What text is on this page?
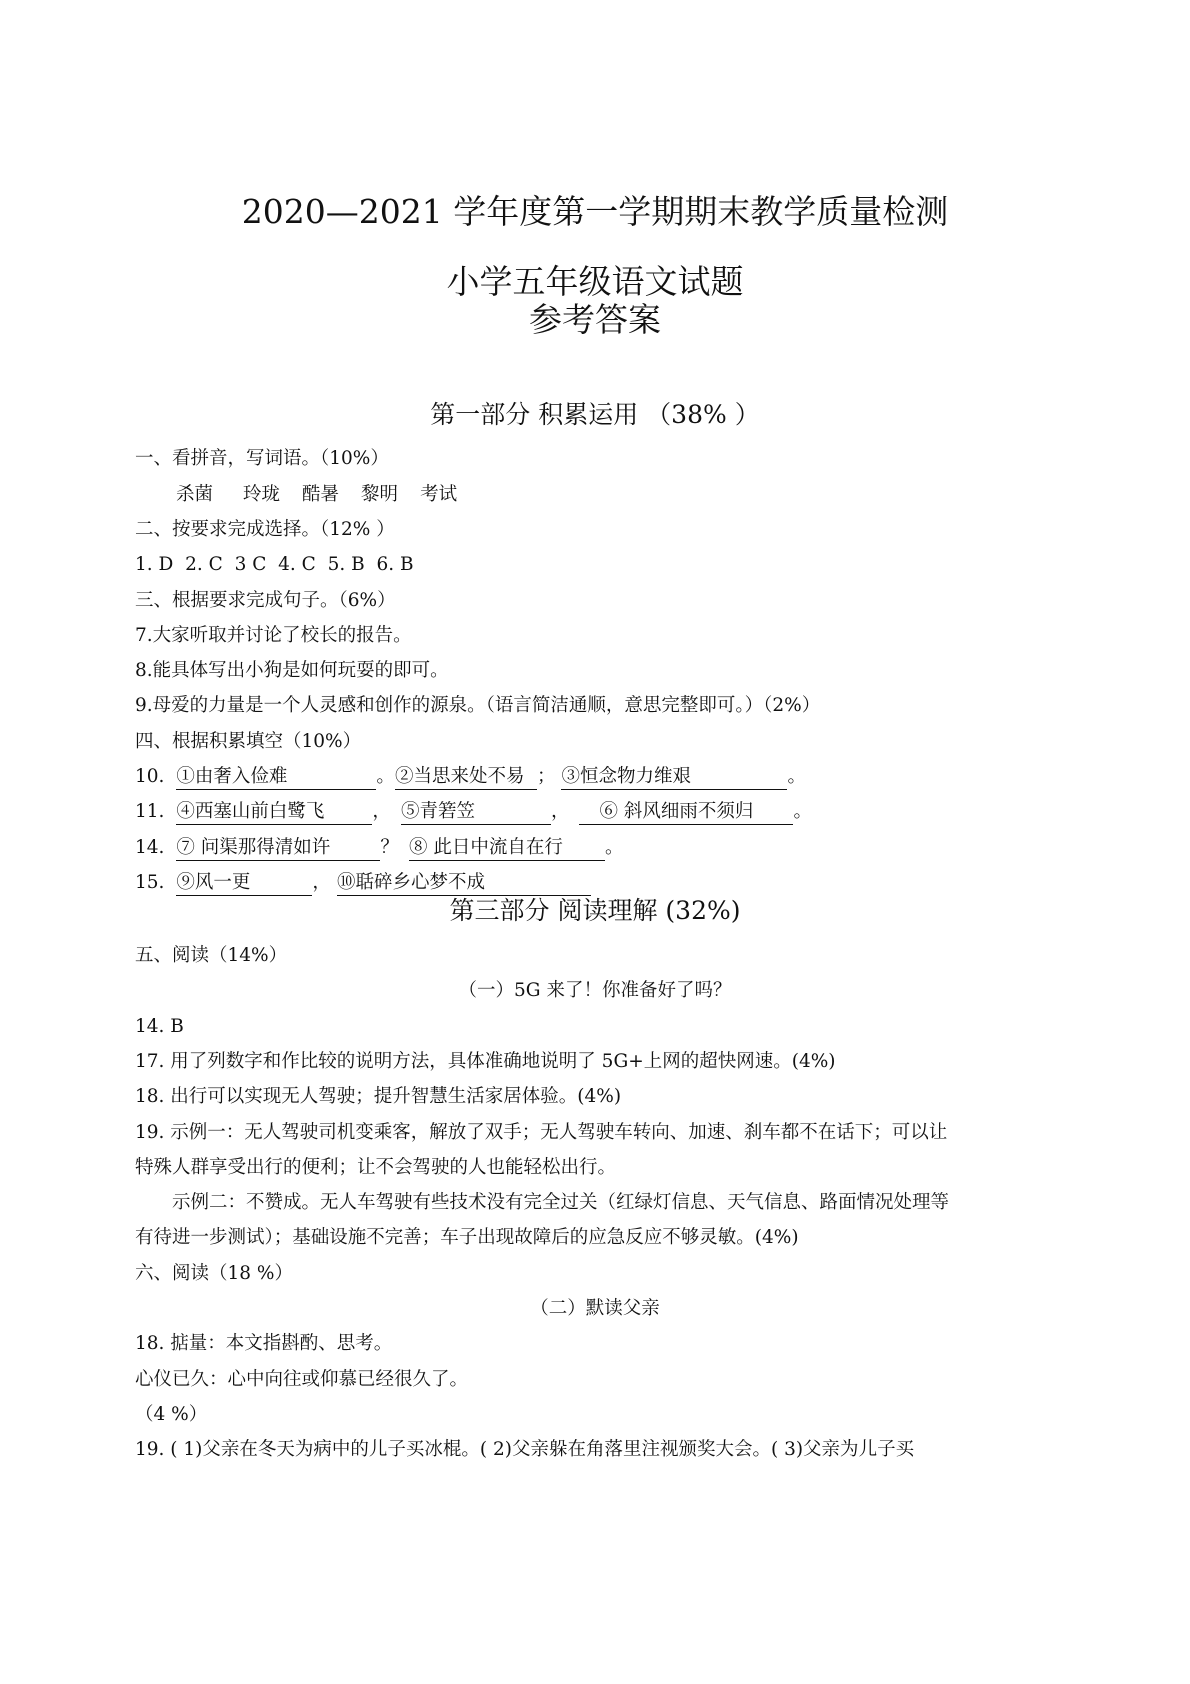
2020—2021 学年度第一学期期末教学质量检测
小学五年级语文试题
参考答案
第一部分 积累运用 （38% ）
一、看拼音，写词语。（10%）
杀菌 玲珑 酷暑 黎明 考试
二、按要求完成选择。（12% ）
1. D  2. C  3 C  4. C  5. B  6. B
三、根据要求完成句子。（6%）
7.大家听取并讨论了校长的报告。
8.能具体写出小狗是如何玩耍的即可。
9.母爱的力量是一个人灵感和创作的源泉。（语言简洁通顺，意思完整即可。）（2%）
四、根据积累填空（10%）
10. ①由奢入俭难	。②当思来处不易 ； ③恒念物力维艰	。
11. ④西塞山前白鹭飞	， ⑤青箬笠	， ⑥ 斜风细雨不须归 。
14. ⑦ 问渠那得清如许	？ ⑧ 此日中流自在行 。
15. ⑨风一更	， ⑩聒碎乡心梦不成
第三部分 阅读理解 (32%)
五、阅读（14%）
（一）5G 来了！你准备好了吗？
14. B
17. 用了列数字和作比较的说明方法，具体准确地说明了 5G+上网的超快网速。(4%)
18. 出行可以实现无人驾驶；提升智慧生活家居体验。(4%)
19. 示例一：无人驾驶司机变乘客，解放了双手；无人驾驶车转向、加速、刹车都不在话下；可以让
特殊人群享受出行的便利；让不会驾驶的人也能轻松出行。
示例二：不赞成。无人车驾驶有些技术没有完全过关（红绿灯信息、天气信息、路面情况处理等
有待进一步测试）；基础设施不完善；车子出现故障后的应急反应不够灵敏。(4%)
六、阅读（18 %）
（二）默读父亲
18. 掂量：本文指斟酌、思考。
心仪已久：心中向往或仰慕已经很久了。
（4 %）
19. ( 1)父亲在冬天为病中的儿子买冰棍。( 2)父亲躲在角落里注视颁奖大会。( 3)父亲为儿子买
